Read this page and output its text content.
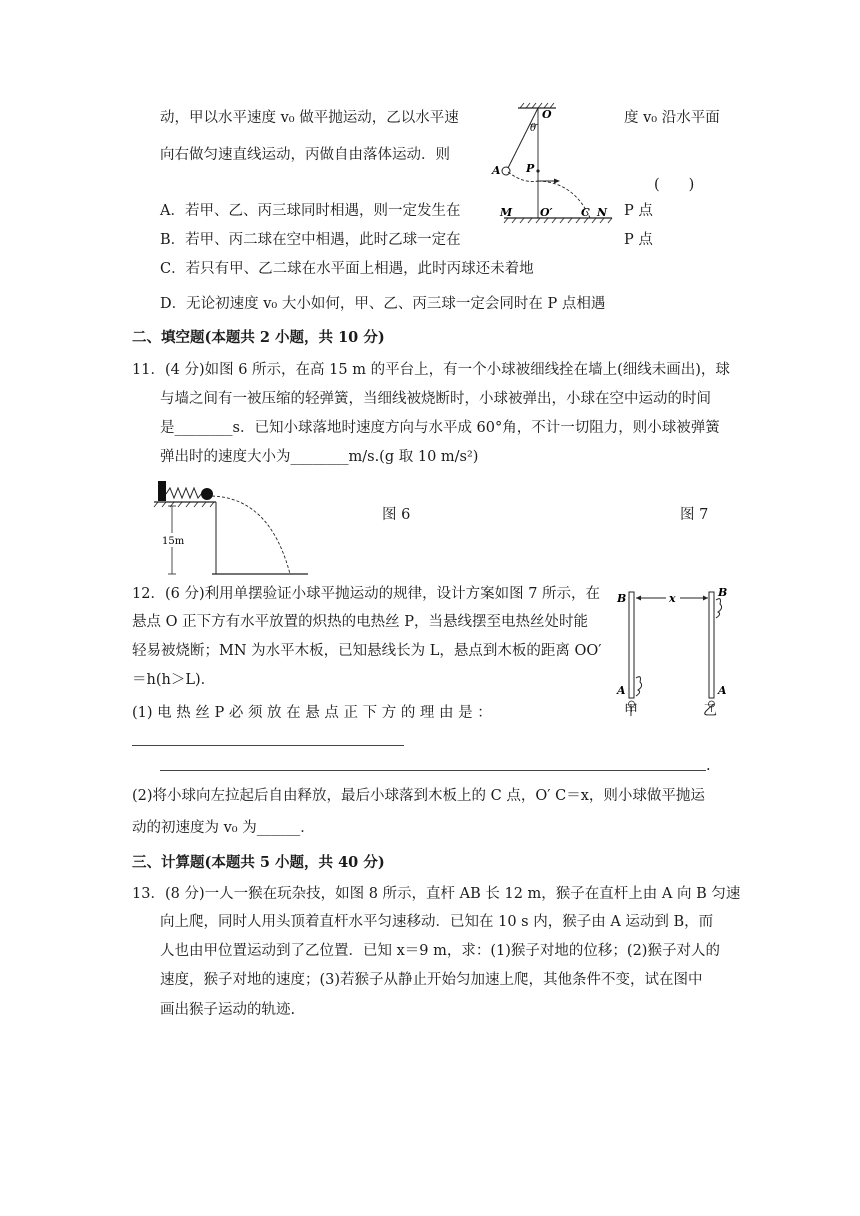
动，甲以水平速度 v₀ 做平抛运动，乙以水平速	度 v₀ 沿水平面
向右做匀速直线运动，丙做自由落体运动．则
(　　)
A．若甲、乙、丙三球同时相遇，则一定发生在	P 点
B．若甲、丙二球在空中相遇，此时乙球一定在	P 点
C．若只有甲、乙二球在水平面上相遇，此时丙球还未着地
D．无论初速度 v₀ 大小如何，甲、乙、丙三球一定会同时在 P 点相遇
O
θ
A P
M	O′	C N
二、填空题(本题共 2 小题，共 10 分)
11．(4 分)如图 6 所示，在高 15 m 的平台上，有一个小球被细线拴在墙上(细线未画出)，球
与墙之间有一被压缩的轻弹簧，当细线被烧断时，小球被弹出，小球在空中运动的时间
是________s．已知小球落地时速度方向与水平成 60°角，不计一切阻力，则小球被弹簧
弹出时的速度大小为________m/s.(g 取 10 m/s²)
15m
图 6	图 7
12．(6 分)利用单摆验证小球平抛运动的规律，设计方案如图 7 所示，在
悬点 O 正下方有水平放置的炽热的电热丝 P，当悬线摆至电热丝处时能
轻易被烧断；MN 为水平木板，已知悬线长为 L，悬点到木板的距离 OO′
＝h(h＞L)．
(1) 电 热 丝 P 必 须 放 在 悬 点 正 下 方 的 理 由 是 ：
.
(2)将小球向左拉起后自由释放，最后小球落到木板上的 C 点，O′ C＝x，则小球做平抛运
动的初速度为 v₀ 为______．
B
A
x	B
A
甲	乙
三、计算题(本题共 5 小题，共 40 分)
13．(8 分)一人一猴在玩杂技，如图 8 所示，直杆 AB 长 12 m，猴子在直杆上由 A 向 B 匀速
向上爬，同时人用头顶着直杆水平匀速移动．已知在 10 s 内，猴子由 A 运动到 B，而
人也由甲位置运动到了乙位置．已知 x＝9 m，求：(1)猴子对地的位移；(2)猴子对人的
速度，猴子对地的速度；(3)若猴子从静止开始匀加速上爬，其他条件不变，试在图中
画出猴子运动的轨迹.
